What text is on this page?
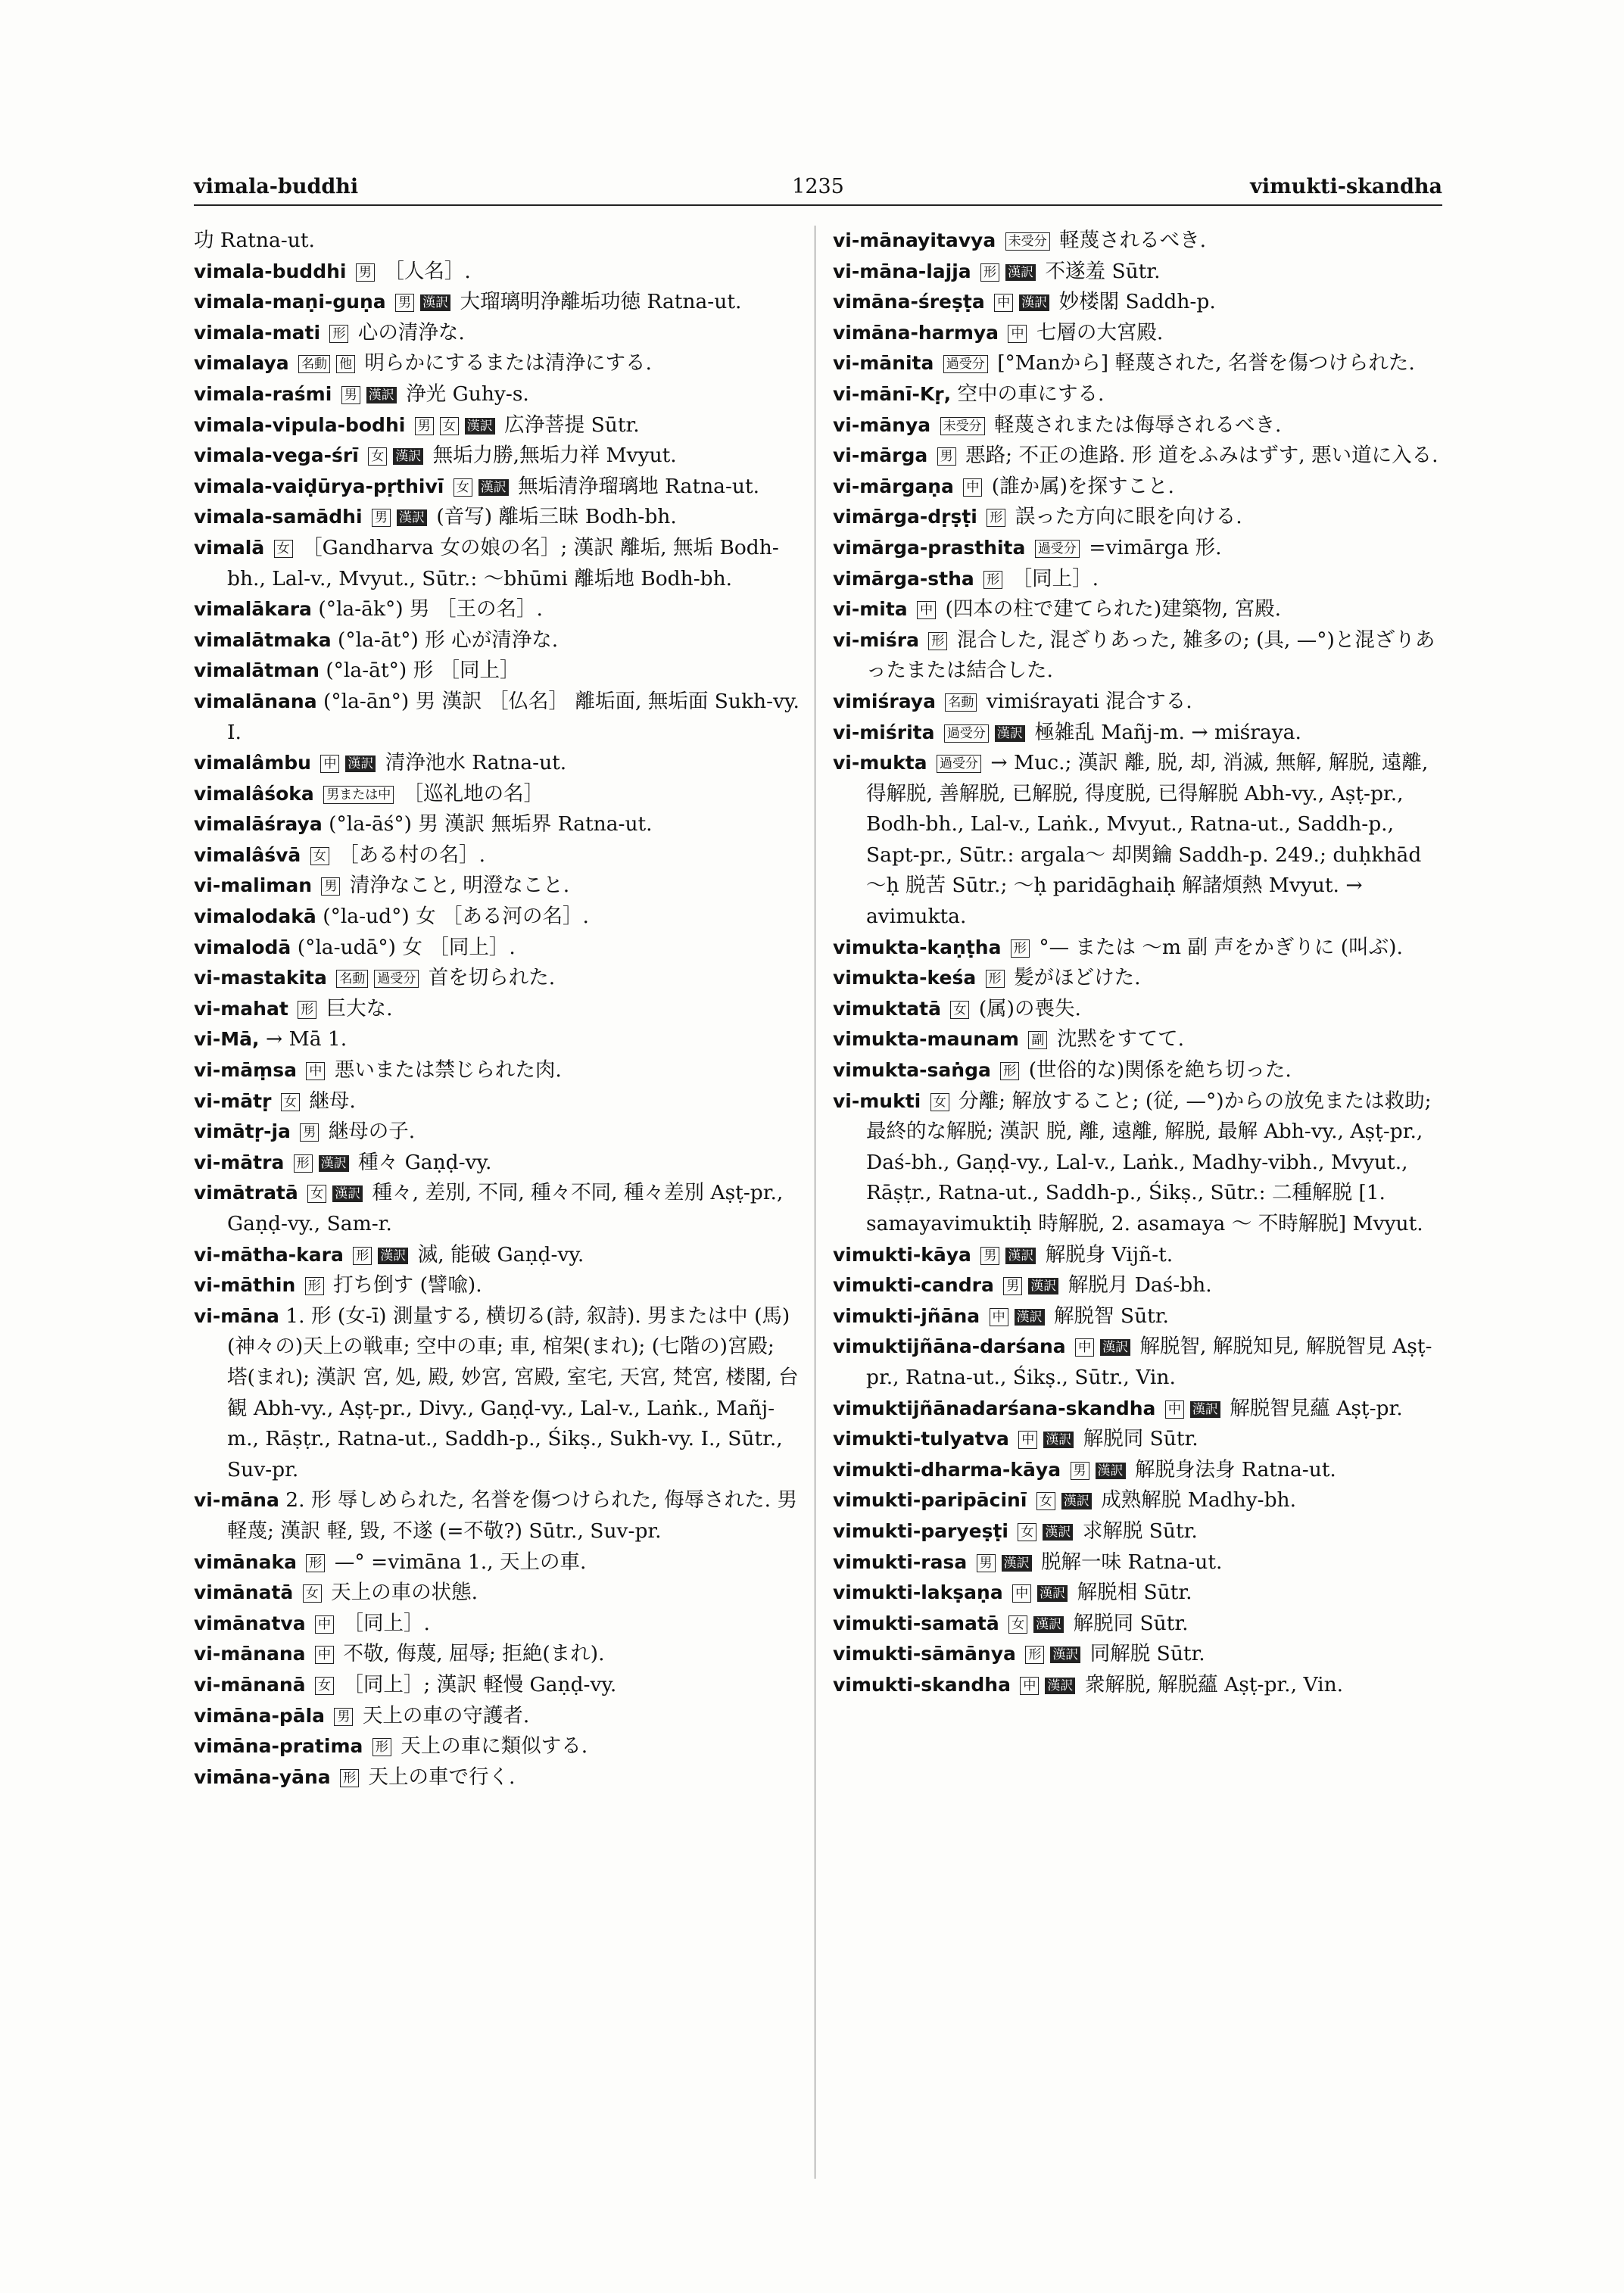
vimala-buddhi	1235	vimukti-skandha

功 Ratna-ut.

vimala-buddhi 男 ［人名］.

vimala-maṇi-guṇa 男 漢訳 大瑠璃明浄離垢功徳 Ratna-ut.

vimala-mati 形 心の清浄な.

vimalaya 名動 他 明らかにするまたは清浄にする.

vimala-raśmi 男 漢訳 浄光 Guhy-s.

vimala-vipula-bodhi 男 女 漢訳 広浄菩提 Sūtr.

vimala-vega-śrī 女 漢訳 無垢力勝,無垢力祥 Mvyut.

vimala-vaiḍūrya-pṛthivī 女 漢訳 無垢清浄瑠璃地 Ratna-ut.

vimala-samādhi 男 漢訳 (音写) 離垢三昧 Bodh-bh.

vimalā 女 ［Gandharva 女の娘の名］; 漢訳 離垢, 無垢 Bodh-bh., Lal-v., Mvyut., Sūtr.: ～bhūmi 離垢地 Bodh-bh.

vimalākara (°la-āk°) 男 ［王の名］.

vimalātmaka (°la-āt°) 形 心が清浄な.

vimalātman (°la-āt°) 形 ［同上］

vimalānana (°la-ān°) 男 漢訳 ［仏名］ 離垢面, 無垢面 Sukh-vy. I.

vimalâmbu 中 漢訳 清浄池水 Ratna-ut.

vimalâśoka 男または中 ［巡礼地の名］

vimalāśraya (°la-āś°) 男 漢訳 無垢界 Ratna-ut.

vimalâśvā 女 ［ある村の名］.

vi-maliman 男 清浄なこと, 明澄なこと.

vimalodakā (°la-ud°) 女 ［ある河の名］.

vimalodā (°la-udā°) 女 ［同上］.

vi-mastakita 名動 過受分 首を切られた.

vi-mahat 形 巨大な.

vi-Mā, → Mā 1.

vi-māṃsa 中 悪いまたは禁じられた肉.

vi-mātṛ 女 継母.

vimātṛ-ja 男 継母の子.

vi-mātra 形 漢訳 種々 Gaṇḍ-vy.

vimātratā 女 漢訳 種々, 差別, 不同, 種々不同, 種々差別 Aṣṭ-pr., Gaṇḍ-vy., Sam-r.

vi-mātha-kara 形 漢訳 滅, 能破 Gaṇḍ-vy.

vi-māthin 形 打ち倒す (譬喩).

vi-māna 1. 形 (女-ī) 測量する, 横切る(詩, 叙詩). 男または中 (馬) (神々の)天上の戦車; 空中の車; 車, 棺架(まれ); (七階の)宮殿; 塔(まれ); 漢訳 宮, 処, 殿, 妙宮, 宮殿, 室宅, 天宮, 梵宮, 楼閣, 台観 Abh-vy., Aṣṭ-pr., Divy., Gaṇḍ-vy., Lal-v., Laṅk., Mañj-m., Rāṣṭr., Ratna-ut., Saddh-p., Śikṣ., Sukh-vy. I., Sūtr., Suv-pr.

vi-māna 2. 形 辱しめられた, 名誉を傷つけられた, 侮辱された. 男 軽蔑; 漢訳 軽, 毀, 不遂 (=不敬?) Sūtr., Suv-pr.

vimānaka 形 —° =vimāna 1., 天上の車.

vimānatā 女 天上の車の状態.

vimānatva 中 ［同上］.

vi-mānana 中 不敬, 侮蔑, 屈辱; 拒絶(まれ).

vi-mānanā 女 ［同上］; 漢訳 軽慢 Gaṇḍ-vy.

vimāna-pāla 男 天上の車の守護者.

vimāna-pratima 形 天上の車に類似する.

vimāna-yāna 形 天上の車で行く.

vi-mānayitavya 未受分 軽蔑されるべき.

vi-māna-lajja 形 漢訳 不遂羞 Sūtr.

vimāna-śreṣṭa 中 漢訳 妙楼閣 Saddh-p.

vimāna-harmya 中 七層の大宮殿.

vi-mānita 過受分 [°Manから] 軽蔑された, 名誉を傷つけられた.

vi-mānī-Kṛ, 空中の車にする.

vi-mānya 未受分 軽蔑されまたは侮辱されるべき.

vi-mārga 男 悪路; 不正の進路. 形 道をふみはずす, 悪い道に入る.

vi-mārgaṇa 中 (誰か属)を探すこと.

vimārga-dṛṣṭi 形 誤った方向に眼を向ける.

vimārga-prasthita 過受分 =vimārga 形.

vimārga-stha 形 ［同上］.

vi-mita 中 (四本の柱で建てられた)建築物, 宮殿.

vi-miśra 形 混合した, 混ざりあった, 雑多の; (具, —°)と混ざりあったまたは結合した.

vimiśraya 名動 vimiśrayati 混合する.

vi-miśrita 過受分 漢訳 極雑乱 Mañj-m. → miśraya.

vi-mukta 過受分 → Muc.; 漢訳 離, 脱, 却, 消滅, 無解, 解脱, 遠離, 得解脱, 善解脱, 已解脱, 得度脱, 已得解脱 Abh-vy., Aṣṭ-pr., Bodh-bh., Lal-v., Laṅk., Mvyut., Ratna-ut., Saddh-p., Sapt-pr., Sūtr.: argala～ 却関鑰 Saddh-p. 249.; duḥkhād ～ḥ 脱苦 Sūtr.; ～ḥ paridāghaiḥ 解諸煩熱 Mvyut. → avimukta.

vimukta-kaṇṭha 形 °— または ～m 副 声をかぎりに (叫ぶ).

vimukta-keśa 形 髪がほどけた.

vimuktatā 女 (属)の喪失.

vimukta-maunam 副 沈黙をすてて.

vimukta-saṅga 形 (世俗的な)関係を絶ち切った.

vi-mukti 女 分離; 解放すること; (従, —°)からの放免または救助; 最終的な解脱; 漢訳 脱, 離, 遠離, 解脱, 最解 Abh-vy., Aṣṭ-pr., Daś-bh., Gaṇḍ-vy., Lal-v., Laṅk., Madhy-vibh., Mvyut., Rāṣṭr., Ratna-ut., Saddh-p., Śikṣ., Sūtr.: 二種解脱 [1. samayavimuktiḥ 時解脱, 2. asamaya ～ 不時解脱] Mvyut.

vimukti-kāya 男 漢訳 解脱身 Vijñ-t.

vimukti-candra 男 漢訳 解脱月 Daś-bh.

vimukti-jñāna 中 漢訳 解脱智 Sūtr.

vimuktijñāna-darśana 中 漢訳 解脱智, 解脱知見, 解脱智見 Aṣṭ-pr., Ratna-ut., Śikṣ., Sūtr., Vin.

vimuktijñānadarśana-skandha 中 漢訳 解脱智見蘊 Aṣṭ-pr.

vimukti-tulyatva 中 漢訳 解脱同 Sūtr.

vimukti-dharma-kāya 男 漢訳 解脱身法身 Ratna-ut.

vimukti-paripācinī 女 漢訳 成熟解脱 Madhy-bh.

vimukti-paryeṣṭi 女 漢訳 求解脱 Sūtr.

vimukti-rasa 男 漢訳 脱解一味 Ratna-ut.

vimukti-lakṣaṇa 中 漢訳 解脱相 Sūtr.

vimukti-samatā 女 漢訳 解脱同 Sūtr.

vimukti-sāmānya 形 漢訳 同解脱 Sūtr.

vimukti-skandha 中 漢訳 衆解脱, 解脱蘊 Aṣṭ-pr., Vin.
